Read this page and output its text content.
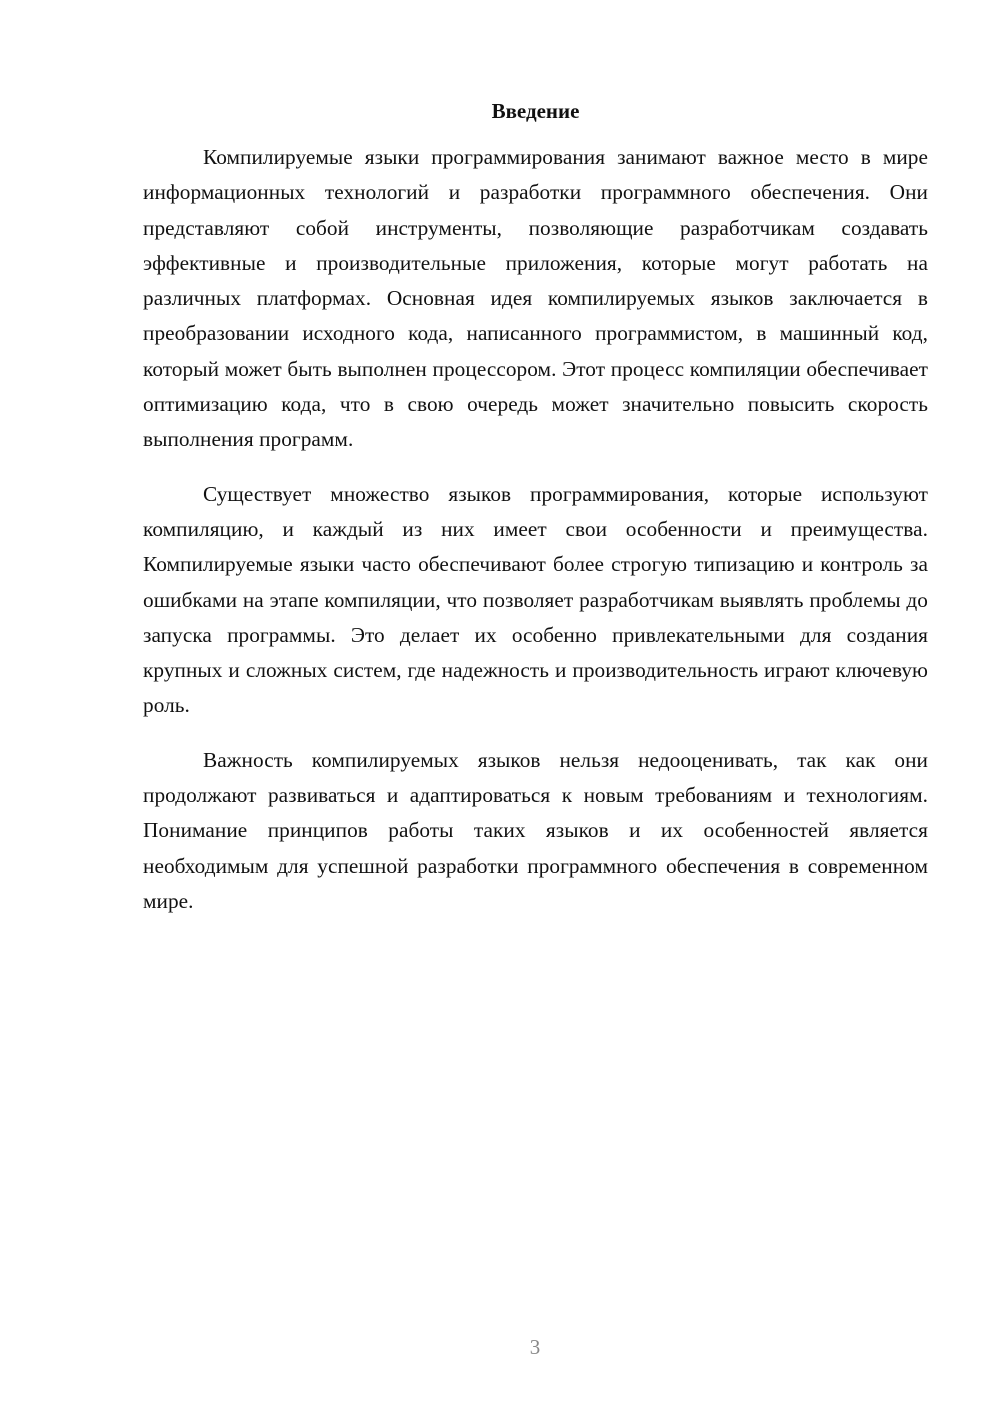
Введение

Компилируемые языки программирования занимают важное место в мире информационных технологий и разработки программного обеспечения. Они представляют собой инструменты, позволяющие разработчикам создавать эффективные и производительные приложения, которые могут работать на различных платформах. Основная идея компилируемых языков заключается в преобразовании исходного кода, написанного программистом, в машинный код, который может быть выполнен процессором. Этот процесс компиляции обеспечивает оптимизацию кода, что в свою очередь может значительно повысить скорость выполнения программ.

Существует множество языков программирования, которые используют компиляцию, и каждый из них имеет свои особенности и преимущества. Компилируемые языки часто обеспечивают более строгую типизацию и контроль за ошибками на этапе компиляции, что позволяет разработчикам выявлять проблемы до запуска программы. Это делает их особенно привлекательными для создания крупных и сложных систем, где надежность и производительность играют ключевую роль.

Важность компилируемых языков нельзя недооценивать, так как они продолжают развиваться и адаптироваться к новым требованиям и технологиям. Понимание принципов работы таких языков и их особенностей является необходимым для успешной разработки программного обеспечения в современном мире.

3
